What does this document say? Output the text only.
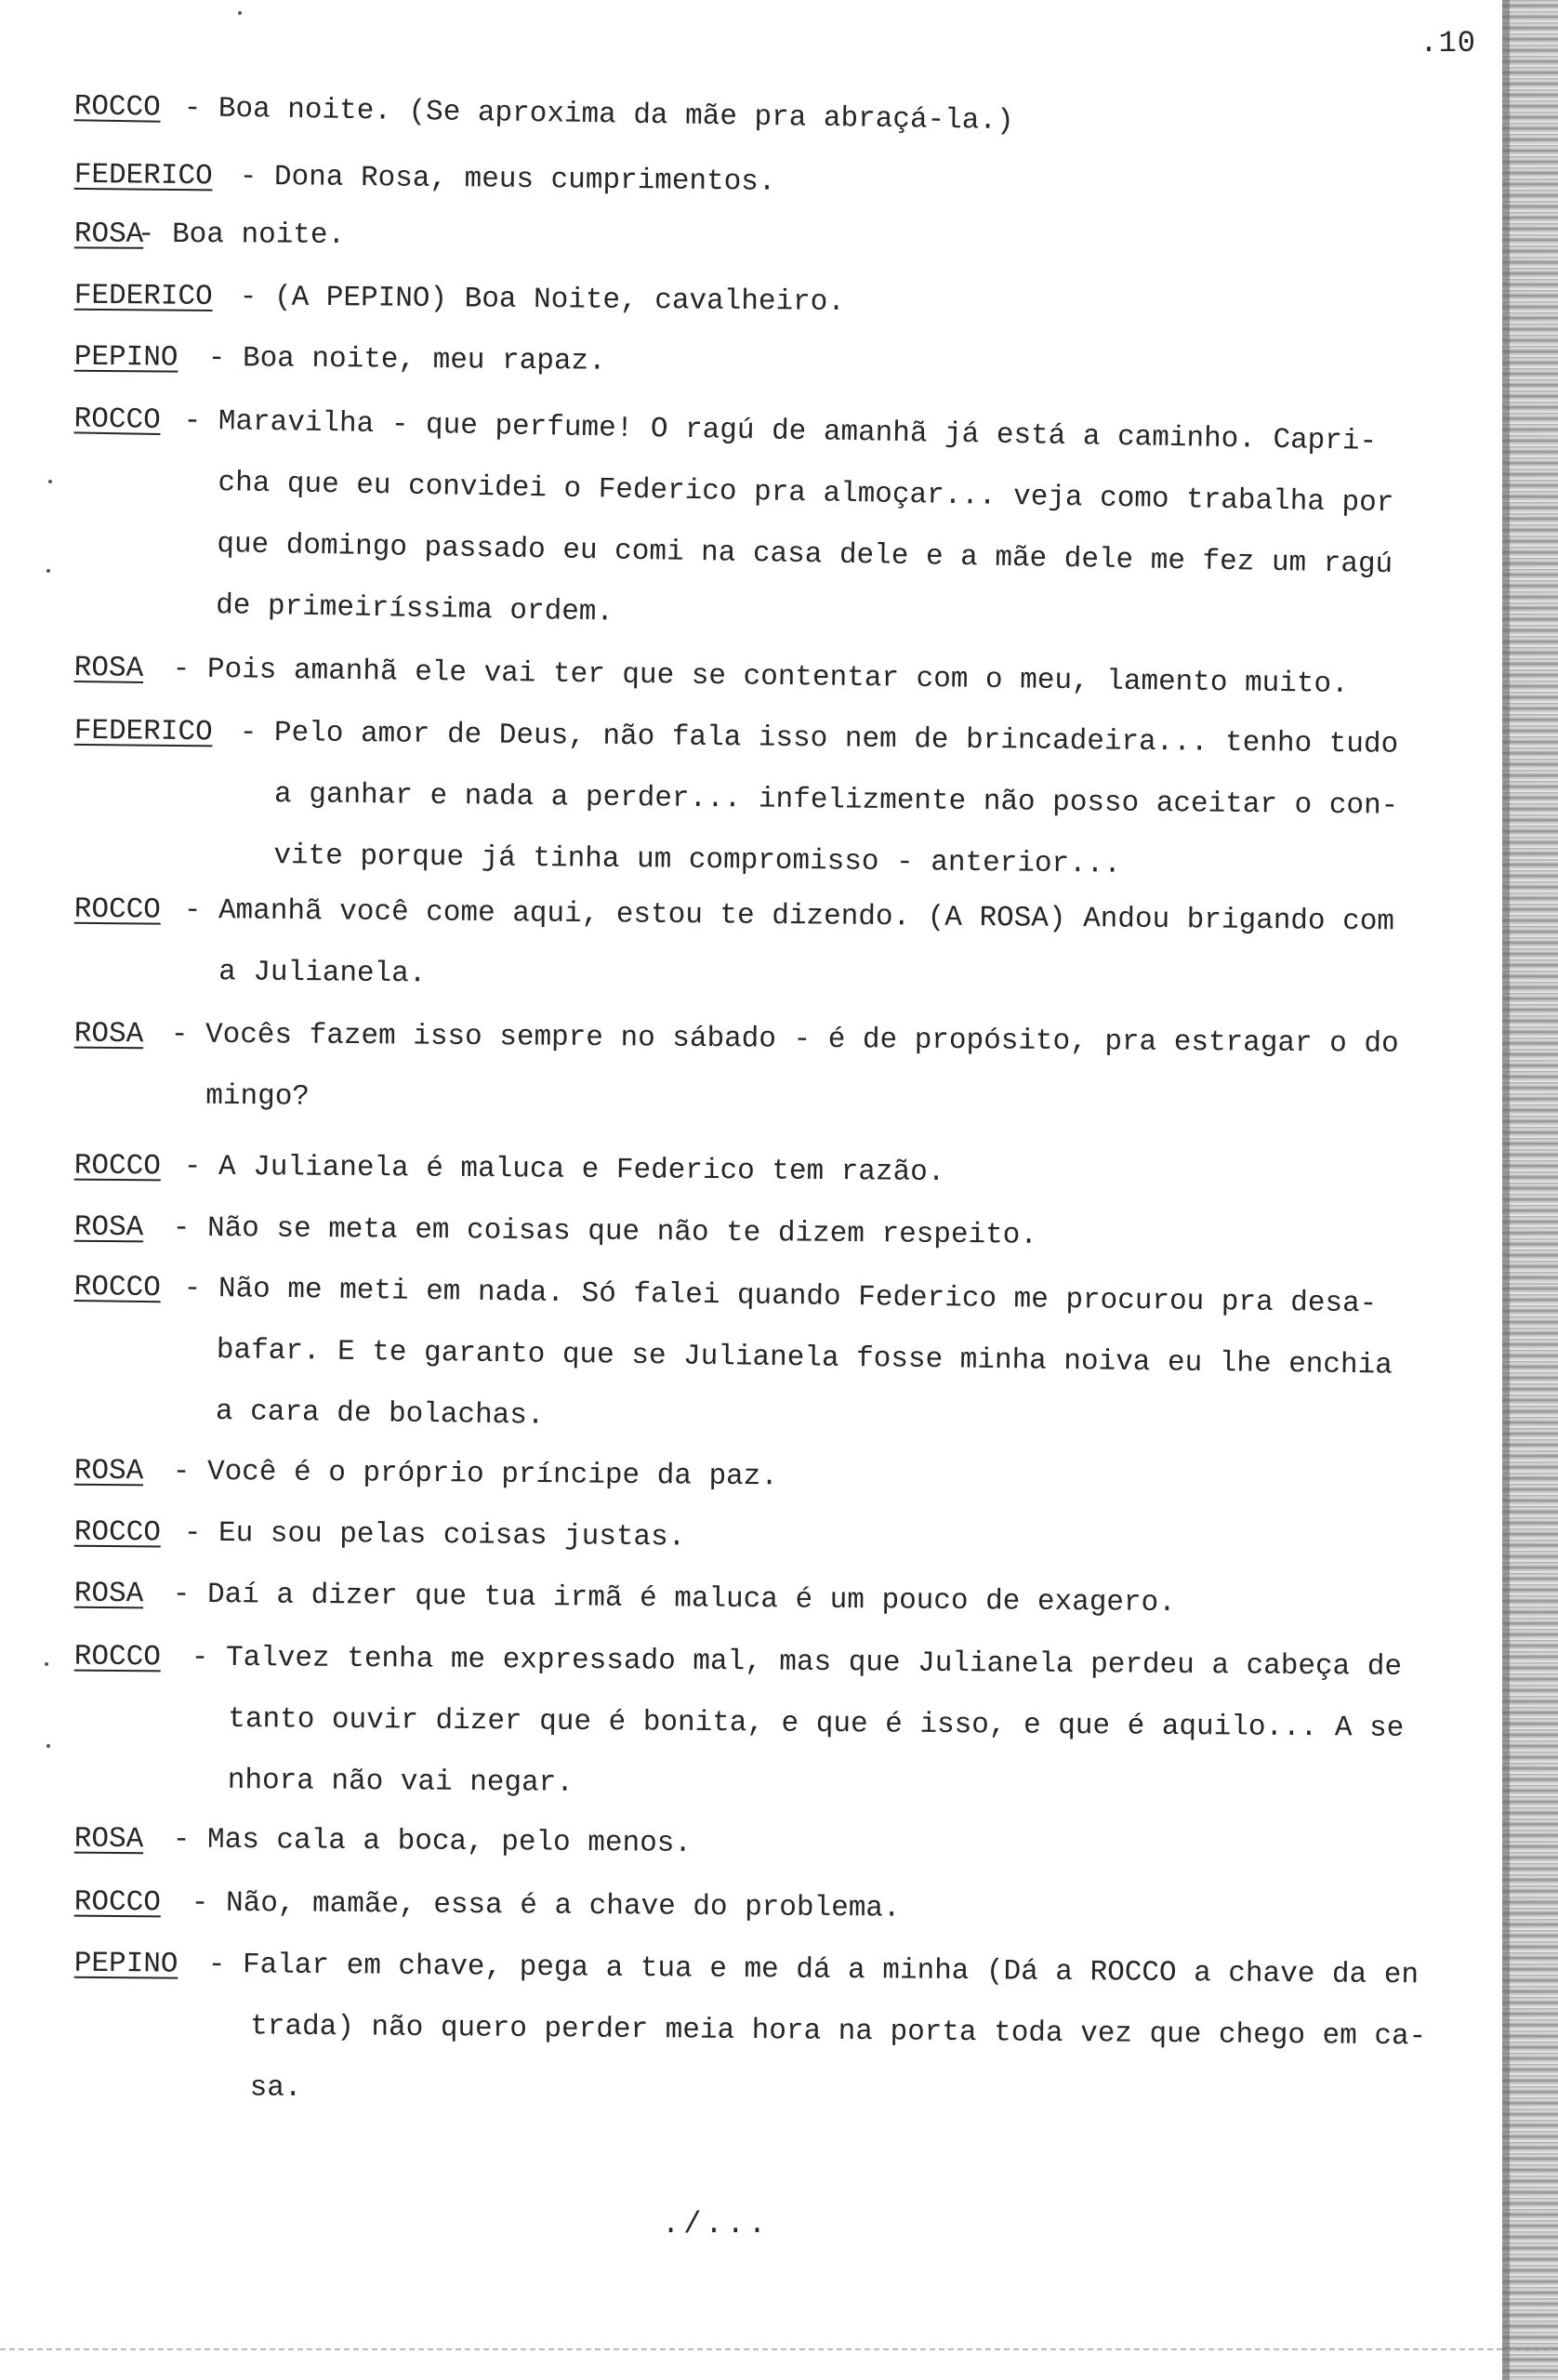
.10
ROCCO - Boa noite. (Se aproxima da mãe pra abraçá-la.)
FEDERICO - Dona Rosa, meus cumprimentos.
ROSA
- Boa noite.
FEDERICO - (A PEPINO) Boa Noite, cavalheiro.
PEPINO - Boa noite, meu rapaz.
ROCCO - Maravilha - que perfume! O ragú de amanhã já está a caminho. Capri-
cha que eu convidei o Federico pra almoçar... veja como trabalha por
que domingo passado eu comi na casa dele e a mãe dele me fez um ragú
de primeiríssima ordem.
ROSA - Pois amanhã ele vai ter que se contentar com o meu, lamento muito.
FEDERICO - Pelo amor de Deus, não fala isso nem de brincadeira... tenho tudo
a ganhar e nada a perder... infelizmente não posso aceitar o con-
vite porque já tinha um compromisso - anterior...
ROCCO - Amanhã você come aqui, estou te dizendo. (A ROSA) Andou brigando com
a Julianela.
ROSA - Vocês fazem isso sempre no sábado - é de propósito, pra estragar o do
mingo?
ROCCO - A Julianela é maluca e Federico tem razão.
ROSA - Não se meta em coisas que não te dizem respeito.
ROCCO - Não me meti em nada. Só falei quando Federico me procurou pra desa-
bafar. E te garanto que se Julianela fosse minha noiva eu lhe enchia
a cara de bolachas.
ROSA - Você é o próprio príncipe da paz.
ROCCO - Eu sou pelas coisas justas.
ROSA - Daí a dizer que tua irmã é maluca é um pouco de exagero.
ROCCO - Talvez tenha me expressado mal, mas que Julianela perdeu a cabeça de
tanto ouvir dizer que é bonita, e que é isso, e que é aquilo... A se
nhora não vai negar.
ROSA - Mas cala a boca, pelo menos.
ROCCO - Não, mamãe, essa é a chave do problema.
PEPINO - Falar em chave, pega a tua e me dá a minha (Dá a ROCCO a chave da en
trada) não quero perder meia hora na porta toda vez que chego em ca-
sa.
./...
